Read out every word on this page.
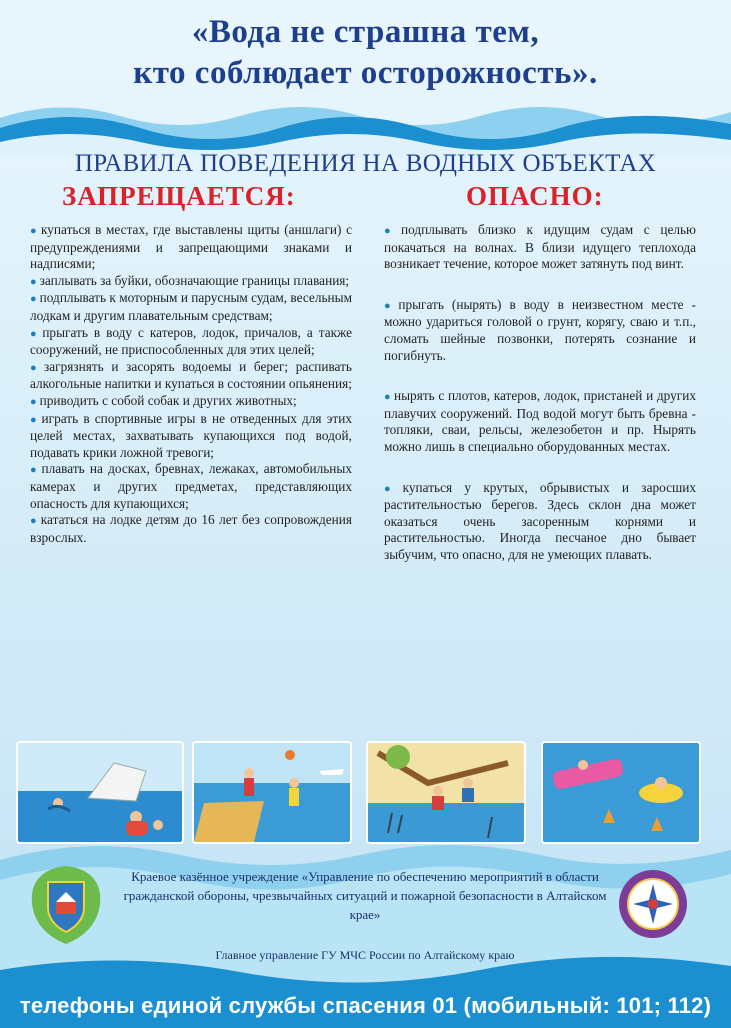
«Вода не страшна тем,
кто соблюдает осторожность».
ПРАВИЛА ПОВЕДЕНИЯ НА ВОДНЫХ ОБЪЕКТАХ
ЗАПРЕЩАЕТСЯ:	ОПАСНО:

● купаться в местах, где выставлены щиты (аншлаги) с предупреждениями и запрещающими знаками и надписями;

● заплывать за буйки, обозначающие границы плавания;

● подплывать к моторным и парусным судам, весельным лодкам и другим плавательным средствам;

● прыгать в воду с катеров, лодок, причалов, а также сооружений, не приспособленных для этих целей;

● загрязнять и засорять водоемы и берег; распивать алкогольные напитки и купаться в состоянии опьянения;

● приводить с собой собак и других животных;

● играть в спортивные игры в не отведенных для этих целей местах, захватывать купающихся под водой, подавать крики ложной тревоги;

● плавать на досках, бревнах, лежаках, автомобильных камерах и других предметах, представляющих опасность для купающихся;

● кататься на лодке детям до 16 лет без сопровождения взрослых.

● подплывать близко к идущим судам с целью покачаться на волнах. В близи идущего теплохода возникает течение, которое может затянуть под винт.

● прыгать (нырять) в воду в неизвестном месте - можно удариться головой о грунт, корягу, сваю и т.п., сломать шейные позвонки, потерять сознание и погибнуть.

● нырять с плотов, катеров, лодок, пристаней и других плавучих сооружений. Под водой могут быть бревна - топляки, сваи, рельсы, железобетон и пр. Нырять можно лишь в специально оборудованных местах.

● купаться у крутых, обрывистых и заросших растительностью берегов. Здесь склон дна может оказаться очень засоренным корнями и растительностью. Иногда песчаное дно бывает зыбучим, что опасно, для не умеющих плавать.

Краевое казённое учреждение «Управление по обеспечению мероприятий в области гражданской обороны, чрезвычайных ситуаций и пожарной безопасности в Алтайском крае»
Главное управление ГУ МЧС России по Алтайскому краю
телефоны единой службы спасения 01 (мобильный: 101; 112)
